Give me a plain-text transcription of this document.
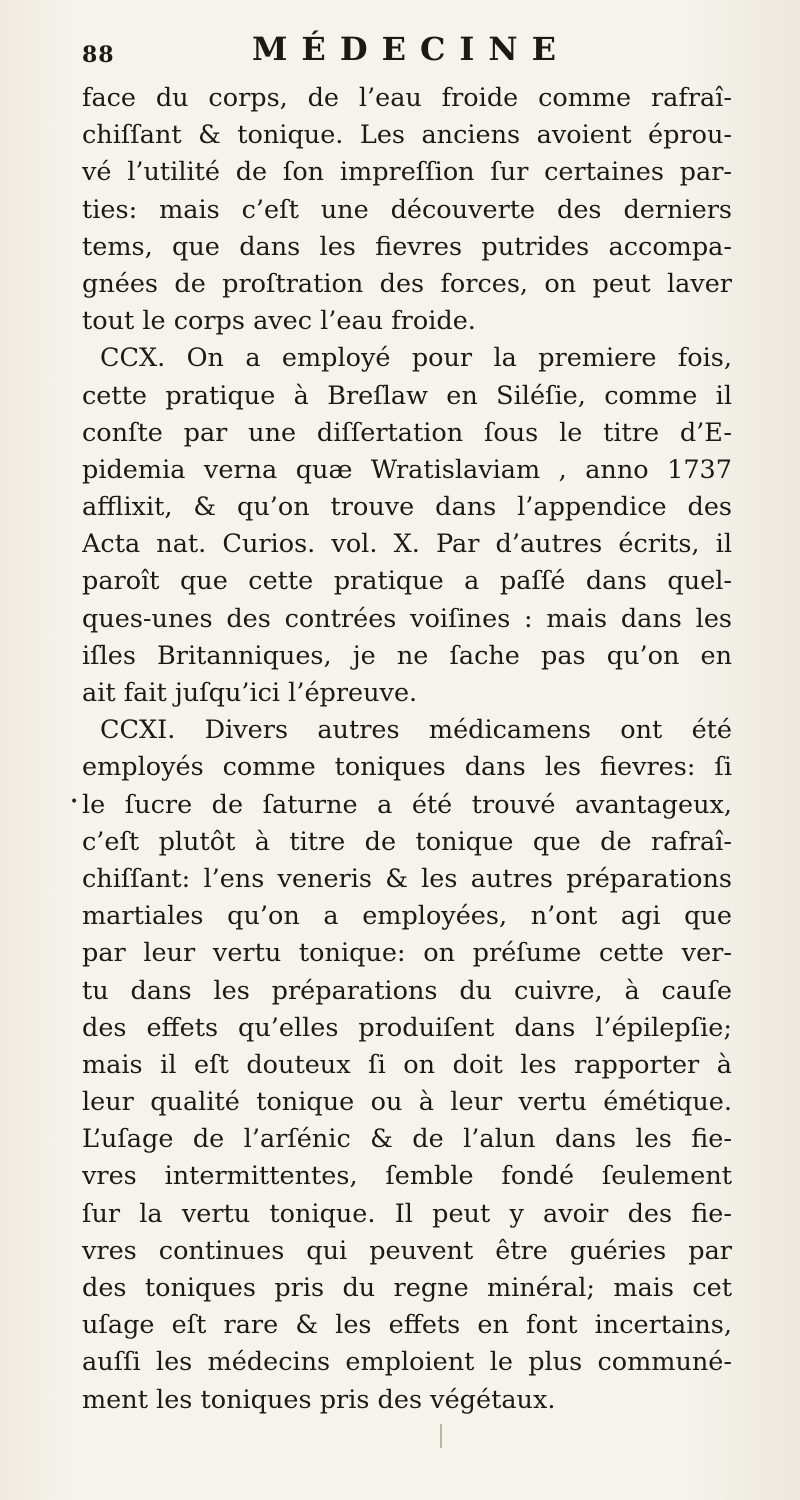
88	MÉDECINE
•
face du corps, de l’eau froide comme rafraî-
chiſſant & tonique. Les anciens avoient éprou-
vé l’utilité de ſon impreſſion ſur certaines par-
ties: mais c’eſt une découverte des derniers
tems, que dans les fievres putrides accompa-
gnées de proſtration des forces, on peut laver
tout le corps avec l’eau froide.
CCX. On a employé pour la premiere fois,
cette pratique à Breſlaw en Siléſie, comme il
conſte par une diſſertation ſous le titre d’E-
pidemia verna quæ Wratislaviam , anno 1737
afflixit, & qu’on trouve dans l’appendice des
Acta nat. Curios. vol. X. Par d’autres écrits, il
paroît que cette pratique a paſſé dans quel-
ques-unes des contrées voiſines : mais dans les
iſles Britanniques, je ne ſache pas qu’on en
ait fait juſqu’ici l’épreuve.
CCXI. Divers autres médicamens ont été
employés comme toniques dans les fievres: ſi
le ſucre de ſaturne a été trouvé avantageux,
c’eſt plutôt à titre de tonique que de rafraî-
chiſſant: l’ens veneris & les autres préparations
martiales qu’on a employées, n’ont agi que
par leur vertu tonique: on préſume cette ver-
tu dans les préparations du cuivre, à cauſe
des effets qu’elles produiſent dans l’épilepſie;
mais il eſt douteux ſi on doit les rapporter à
leur qualité tonique ou à leur vertu émétique.
L’uſage de l’arſénic & de l’alun dans les fie-
vres intermittentes, ſemble fondé ſeulement
ſur la vertu tonique. Il peut y avoir des fie-
vres continues qui peuvent être guéries par
des toniques pris du regne minéral; mais cet
uſage eſt rare & les effets en font incertains,
auſſi les médecins emploient le plus communé-
ment les toniques pris des végétaux.
